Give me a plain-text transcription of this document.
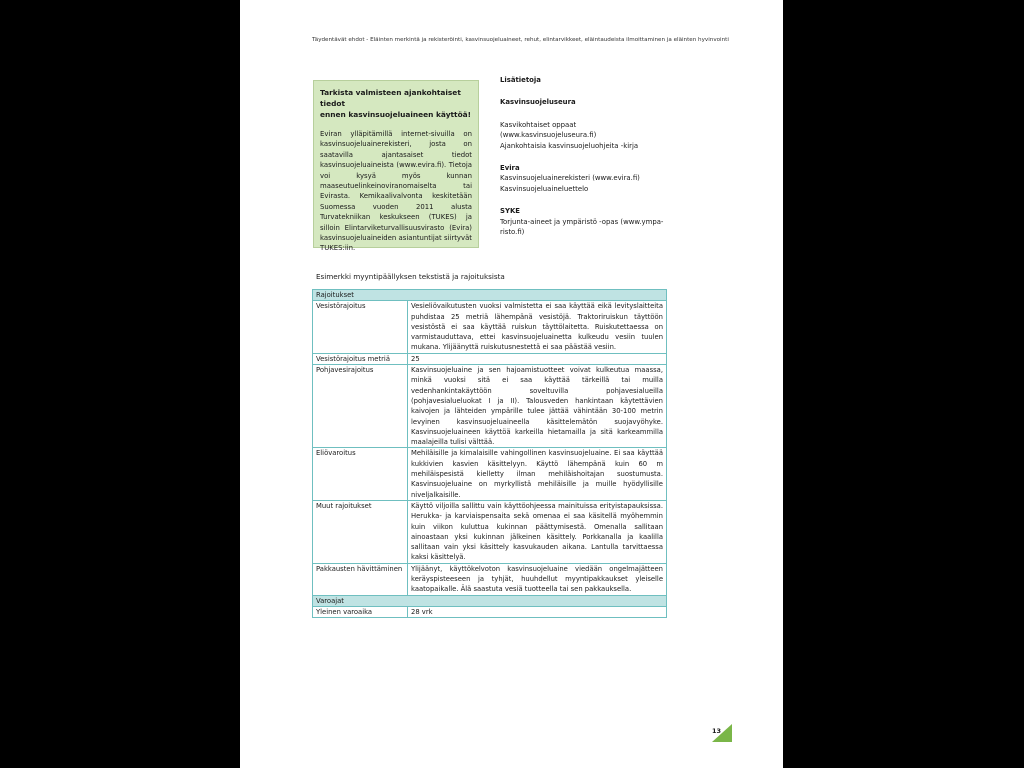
Täydentävät ehdot - Eläinten merkintä ja rekisteröinti, kasvinsuojeluaineet, rehut, elintarvikkeet, eläintaudeista ilmoittaminen ja eläinten hyvinvointi
Tarkista valmisteen ajankohtaiset tiedot
ennen kasvinsuojeluaineen käyttöä!
Eviran ylläpitämillä internet-sivuilla on kasvinsuojeluainerekisteri, josta on saatavilla ajantasaiset tiedot kasvinsuojeluaineista (www.evira.fi). Tietoja voi kysyä myös kunnan maaseutuelinkeinoviranomaiselta tai Evirasta. Kemikaalivalvonta keskitetään Suomessa vuoden 2011 alusta Turvatekniikan keskukseen (TUKES) ja silloin Elintarviketurvallisuusvirasto (Evira) kasvinsuojeluaineiden asiantuntijat siirtyvät TUKES:iin.
Lisätietoja
Kasvinsuojeluseura
Kasvikohtaiset oppaat
(www.kasvinsuojeluseura.fi)
Ajankohtaisia kasvinsuojeluohjeita -kirja
Evira
Kasvinsuojeluainerekisteri (www.evira.fi)
Kasvinsuojeluaineluettelo
SYKE
Torjunta-aineet ja ympäristö -opas (www.ympa-
risto.fi)
Esimerkki myyntipäällyksen tekstistä ja rajoituksista
Rajoitukset	
Vesistörajoitus	Vesieliövaikutusten vuoksi valmistetta ei saa käyttää eikä levityslaitteita puhdistaa 25 metriä lähempänä vesistöjä. Traktoriruiskun täyttöön vesistöstä ei saa käyttää ruiskun täyttölaitetta. Ruiskutettaessa on varmistauduttava, ettei kasvinsuojeluainetta kulkeudu vesiin tuulen mukana. Ylijäänyttä ruiskutusnestettä ei saa päästää vesiin.
Vesistörajoitus metriä	25
Pohjavesirajoitus	Kasvinsuojeluaine ja sen hajoamistuotteet voivat kulkeutua maassa, minkä vuoksi sitä ei saa käyttää tärkeillä tai muilla vedenhankintakäyttöön soveltuvilla pohjavesialueilla (pohjavesialueluokat I ja II). Talousveden hankintaan käytettävien kaivojen ja lähteiden ympärille tulee jättää vähintään 30-100 metrin levyinen kasvinsuojeluaineella käsittelemätön suojavyöhyke. Kasvinsuojeluaineen käyttöä karkeilla hietamailla ja sitä karkeammilla maalajeilla tulisi välttää.
Eliövaroitus	Mehiläisille ja kimalaisille vahingollinen kasvinsuojeluaine. Ei saa käyttää kukkivien kasvien käsittelyyn. Käyttö lähempänä kuin 60 m mehiläispesistä kielletty ilman mehiläishoitajan suostumusta. Kasvinsuojeluaine on myrkyllistä mehiläisille ja muille hyödyllisille niveljalkaisille.
Muut rajoitukset	Käyttö viljoilla sallittu vain käyttöohjeessa mainituissa erityistapauksissa. Herukka- ja karviaispensaita sekä omenaa ei saa käsitellä myöhemmin kuin viikon kuluttua kukinnan päättymisestä. Omenalla sallitaan ainoastaan yksi kukinnan jälkeinen käsittely. Porkkanalla ja kaalilla sallitaan vain yksi käsittely kasvukauden aikana. Lantulla tarvittaessa kaksi käsittelyä.
Pakkausten hävittäminen	Ylijäänyt, käyttökelvoton kasvinsuojeluaine viedään ongelmajätteen keräyspisteeseen ja tyhjät, huuhdellut myyntipakkaukset yleiselle kaatopaikalle. Älä saastuta vesiä tuotteella tai sen pakkauksella.
Varoajat	
Yleinen varoaika	28 vrk
13
